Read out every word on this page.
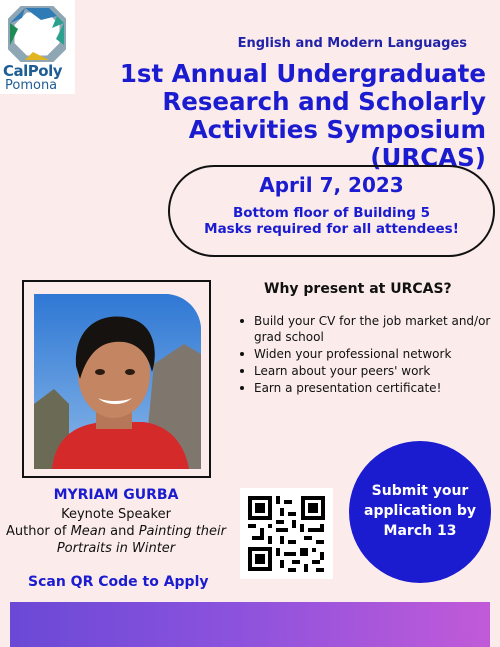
CalPoly
Pomona
English and Modern Languages
1st Annual Undergraduate Research and Scholarly Activities Symposium (URCAS)
April 7, 2023
Bottom floor of Building 5
Masks required for all attendees!
MYRIAM GURBA
Keynote Speaker
Author of Mean and Painting their Portraits in Winter
Scan QR Code to Apply
Why present at URCAS?
Build your CV for the job market and/or grad school
Widen your professional network
Learn about your peers' work
Earn a presentation certificate!
Submit your
application by
March 13
